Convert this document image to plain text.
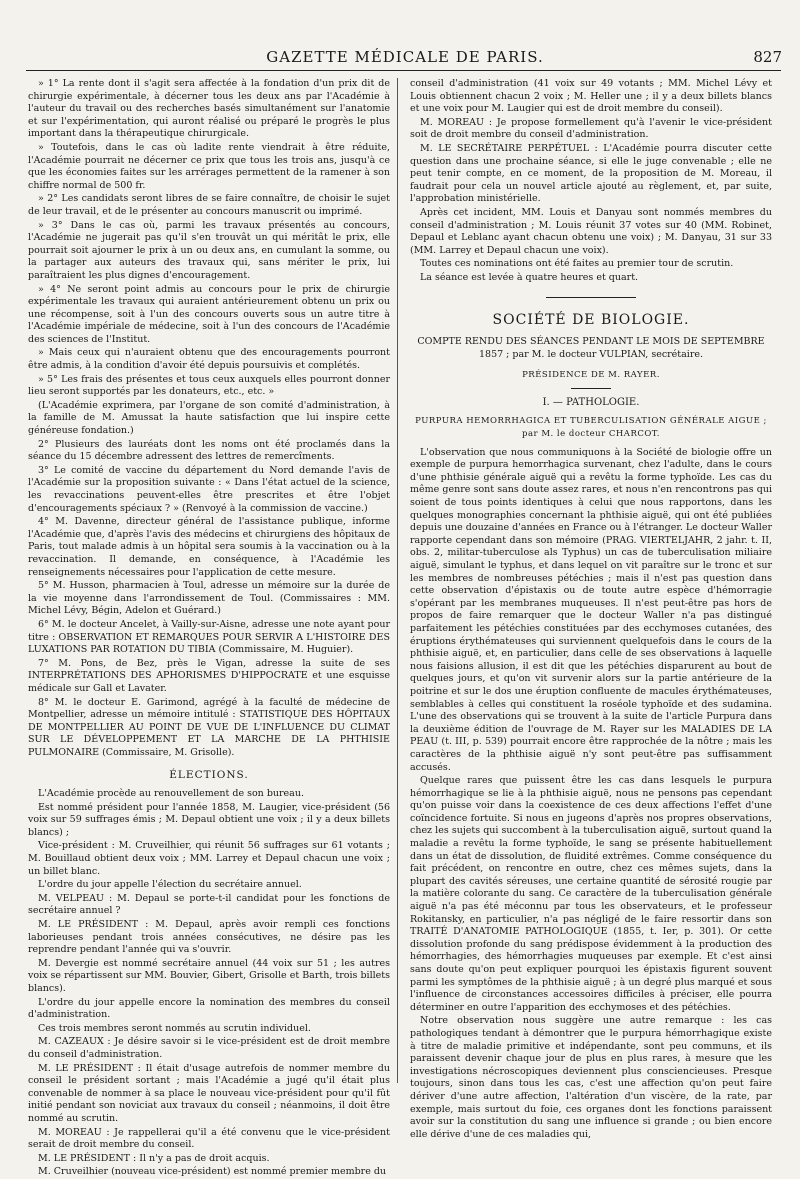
GAZETTE MÉDICALE DE PARIS.	827

» 1° La rente dont il s'agit sera affectée à la fondation d'un prix dit de chirurgie expérimentale, à décerner tous les deux ans par l'Académie à l'auteur du travail ou des recherches basés simultanément sur l'anatomie et sur l'expérimentation, qui auront réalisé ou préparé le progrès le plus important dans la thérapeutique chirurgicale.

» Toutefois, dans le cas où ladite rente viendrait à être réduite, l'Académie pourrait ne décerner ce prix que tous les trois ans, jusqu'à ce que les économies faites sur les arrérages permettent de la ramener à son chiffre normal de 500 fr.

» 2° Les candidats seront libres de se faire connaître, de choisir le sujet de leur travail, et de le présenter au concours manuscrit ou imprimé.

» 3° Dans le cas où, parmi les travaux présentés au concours, l'Académie ne jugerait pas qu'il s'en trouvât un qui méritât le prix, elle pourrait soit ajourner le prix à un ou deux ans, en cumulant la somme, ou la partager aux auteurs des travaux qui, sans mériter le prix, lui paraîtraient les plus dignes d'encouragement.

» 4° Ne seront point admis au concours pour le prix de chirurgie expérimentale les travaux qui auraient antérieurement obtenu un prix ou une récompense, soit à l'un des concours ouverts sous un autre titre à l'Académie impériale de médecine, soit à l'un des concours de l'Académie des sciences de l'Institut.

» Mais ceux qui n'auraient obtenu que des encouragements pourront être admis, à la condition d'avoir été depuis poursuivis et complétés.

» 5° Les frais des présentes et tous ceux auxquels elles pourront donner lieu seront supportés par les donateurs, etc., etc. »

(L'Académie exprimera, par l'organe de son comité d'administration, à la famille de M. Amussat la haute satisfaction que lui inspire cette généreuse fondation.)

2° Plusieurs des lauréats dont les noms ont été proclamés dans la séance du 15 décembre adressent des lettres de remercîments.

3° Le comité de vaccine du département du Nord demande l'avis de l'Académie sur la proposition suivante : « Dans l'état actuel de la science, les revaccinations peuvent-elles être prescrites et être l'objet d'encouragements spéciaux ? » (Renvoyé à la commission de vaccine.)

4° M. Davenne, directeur général de l'assistance publique, informe l'Académie que, d'après l'avis des médecins et chirurgiens des hôpitaux de Paris, tout malade admis à un hôpital sera soumis à la vaccination ou à la revaccination. Il demande, en conséquence, à l'Académie les renseignements nécessaires pour l'application de cette mesure.

5° M. Husson, pharmacien à Toul, adresse un mémoire sur la durée de la vie moyenne dans l'arrondissement de Toul. (Commissaires : MM. Michel Lévy, Bégin, Adelon et Guérard.)

6° M. le docteur Ancelet, à Vailly-sur-Aisne, adresse une note ayant pour titre : OBSERVATION ET REMARQUES POUR SERVIR A L'HISTOIRE DES LUXATIONS PAR ROTATION DU TIBIA (Commissaire, M. Huguier).

7° M. Pons, de Bez, près le Vigan, adresse la suite de ses INTERPRÉTATIONS DES APHORISMES D'HIPPOCRATE et une esquisse médicale sur Gall et Lavater.

8° M. le docteur E. Garimond, agrégé à la faculté de médecine de Montpellier, adresse un mémoire intitulé : STATISTIQUE DES HÔPITAUX DE MONTPELLIER AU POINT DE VUE DE L'INFLUENCE DU CLIMAT SUR LE DÉVELOPPEMENT ET LA MARCHE DE LA PHTHISIE PULMONAIRE (Commissaire, M. Grisolle).

ÉLECTIONS.

L'Académie procède au renouvellement de son bureau.

Est nommé président pour l'année 1858, M. Laugier, vice-président (56 voix sur 59 suffrages émis ; M. Depaul obtient une voix ; il y a deux billets blancs) ;

Vice-président : M. Cruveilhier, qui réunit 56 suffrages sur 61 votants ; M. Bouillaud obtient deux voix ; MM. Larrey et Depaul chacun une voix ; un billet blanc.

L'ordre du jour appelle l'élection du secrétaire annuel.

M. VELPEAU : M. Depaul se porte-t-il candidat pour les fonctions de secrétaire annuel ?

M. LE PRÉSIDENT : M. Depaul, après avoir rempli ces fonctions laborieuses pendant trois années consécutives, ne désire pas les reprendre pendant l'année qui va s'ouvrir.

M. Devergie est nommé secrétaire annuel (44 voix sur 51 ; les autres voix se répartissent sur MM. Bouvier, Gibert, Grisolle et Barth, trois billets blancs).

L'ordre du jour appelle encore la nomination des membres du conseil d'administration.

Ces trois membres seront nommés au scrutin individuel.

M. CAZEAUX : Je désire savoir si le vice-président est de droit membre du conseil d'administration.

M. LE PRÉSIDENT : Il était d'usage autrefois de nommer membre du conseil le président sortant ; mais l'Académie a jugé qu'il était plus convenable de nommer à sa place le nouveau vice-président pour qu'il fût initié pendant son noviciat aux travaux du conseil ; néanmoins, il doit être nommé au scrutin.

M. MOREAU : Je rappellerai qu'il a été convenu que le vice-président serait de droit membre du conseil.

M. LE PRÉSIDENT : Il n'y a pas de droit acquis.

M. Cruveilhier (nouveau vice-président) est nommé premier membre du

conseil d'administration (41 voix sur 49 votants ; MM. Michel Lévy et Louis obtiennent chacun 2 voix ; M. Heller une ; il y a deux billets blancs et une voix pour M. Laugier qui est de droit membre du conseil).

M. MOREAU : Je propose formellement qu'à l'avenir le vice-président soit de droit membre du conseil d'administration.

M. LE SECRÉTAIRE PERPÉTUEL : L'Académie pourra discuter cette question dans une prochaine séance, si elle le juge convenable ; elle ne peut tenir compte, en ce moment, de la proposition de M. Moreau, il faudrait pour cela un nouvel article ajouté au règlement, et, par suite, l'approbation ministérielle.

Après cet incident, MM. Louis et Danyau sont nommés membres du conseil d'administration ; M. Louis réunit 37 votes sur 40 (MM. Robinet, Depaul et Leblanc ayant chacun obtenu une voix) ; M. Danyau, 31 sur 33 (MM. Larrey et Depaul chacun une voix).

Toutes ces nominations ont été faites au premier tour de scrutin.

La séance est levée à quatre heures et quart.

SOCIÉTÉ DE BIOLOGIE.

COMPTE RENDU DES SÉANCES PENDANT LE MOIS DE SEPTEMBRE 1857 ; par M. le docteur VULPIAN, secrétaire.

PRÉSIDENCE DE M. RAYER.

I. — PATHOLOGIE.

PURPURA HEMORRHAGICA ET TUBERCULISATION GÉNÉRALE AIGUE ; par M. le docteur CHARCOT.

L'observation que nous communiquons à la Société de biologie offre un exemple de purpura hemorrhagica survenant, chez l'adulte, dans le cours d'une phthisie générale aiguë qui a revêtu la forme typhoïde. Les cas du même genre sont sans doute assez rares, et nous n'en rencontrons pas qui soient de tous points identiques à celui que nous rapportons, dans les quelques monographies concernant la phthisie aiguë, qui ont été publiées depuis une douzaine d'années en France ou à l'étranger. Le docteur Waller rapporte cependant dans son mémoire (PRAG. VIERTELJAHR, 2 jahr. t. II, obs. 2, militar-tuberculose als Typhus) un cas de tuberculisation miliaire aiguë, simulant le typhus, et dans lequel on vit paraître sur le tronc et sur les membres de nombreuses pétéchies ; mais il n'est pas question dans cette observation d'épistaxis ou de toute autre espèce d'hémorragie s'opérant par les membranes muqueuses. Il n'est peut-être pas hors de propos de faire remarquer que le docteur Waller n'a pas distingué parfaitement les pétéchies constituées par des ecchymoses cutanées, des éruptions érythémateuses qui surviennent quelquefois dans le cours de la phthisie aiguë, et, en particulier, dans celle de ses observations à laquelle nous faisions allusion, il est dit que les pétéchies disparurent au bout de quelques jours, et qu'on vit survenir alors sur la partie antérieure de la poitrine et sur le dos une éruption confluente de macules érythémateuses, semblables à celles qui constituent la roséole typhoïde et des sudamina. L'une des observations qui se trouvent à la suite de l'article Purpura dans la deuxième édition de l'ouvrage de M. Rayer sur les MALADIES DE LA PEAU (t. III, p. 539) pourrait encore être rapprochée de la nôtre ; mais les caractères de la phthisie aiguë n'y sont peut-être pas suffisamment accusés.

Quelque rares que puissent être les cas dans lesquels le purpura hémorrhagique se lie à la phthisie aiguë, nous ne pensons pas cependant qu'on puisse voir dans la coexistence de ces deux affections l'effet d'une coïncidence fortuite. Si nous en jugeons d'après nos propres observations, chez les sujets qui succombent à la tuberculisation aiguë, surtout quand la maladie a revêtu la forme typhoïde, le sang se présente habituellement dans un état de dissolution, de fluidité extrêmes. Comme conséquence du fait précédent, on rencontre en outre, chez ces mêmes sujets, dans la plupart des cavités séreuses, une certaine quantité de sérosité rougie par la matière colorante du sang. Ce caractère de la tuberculisation générale aiguë n'a pas été méconnu par tous les observateurs, et le professeur Rokitansky, en particulier, n'a pas négligé de le faire ressortir dans son TRAITÉ D'ANATOMIE PATHOLOGIQUE (1855, t. Ier, p. 301). Or cette dissolution profonde du sang prédispose évidemment à la production des hémorrhagies, des hémorrhagies muqueuses par exemple. Et c'est ainsi sans doute qu'on peut expliquer pourquoi les épistaxis figurent souvent parmi les symptômes de la phthisie aiguë ; à un degré plus marqué et sous l'influence de circonstances accessoires difficiles à préciser, elle pourra déterminer en outre l'apparition des ecchymoses et des pétéchies.

Notre observation nous suggère une autre remarque : les cas pathologiques tendant à démontrer que le purpura hémorrhagique existe à titre de maladie primitive et indépendante, sont peu communs, et ils paraissent devenir chaque jour de plus en plus rares, à mesure que les investigations nécroscopiques deviennent plus consciencieuses. Presque toujours, sinon dans tous les cas, c'est une affection qu'on peut faire dériver d'une autre affection, l'altération d'un viscère, de la rate, par exemple, mais surtout du foie, ces organes dont les fonctions paraissent avoir sur la constitution du sang une influence si grande ; ou bien encore elle dérive d'une de ces maladies qui,
